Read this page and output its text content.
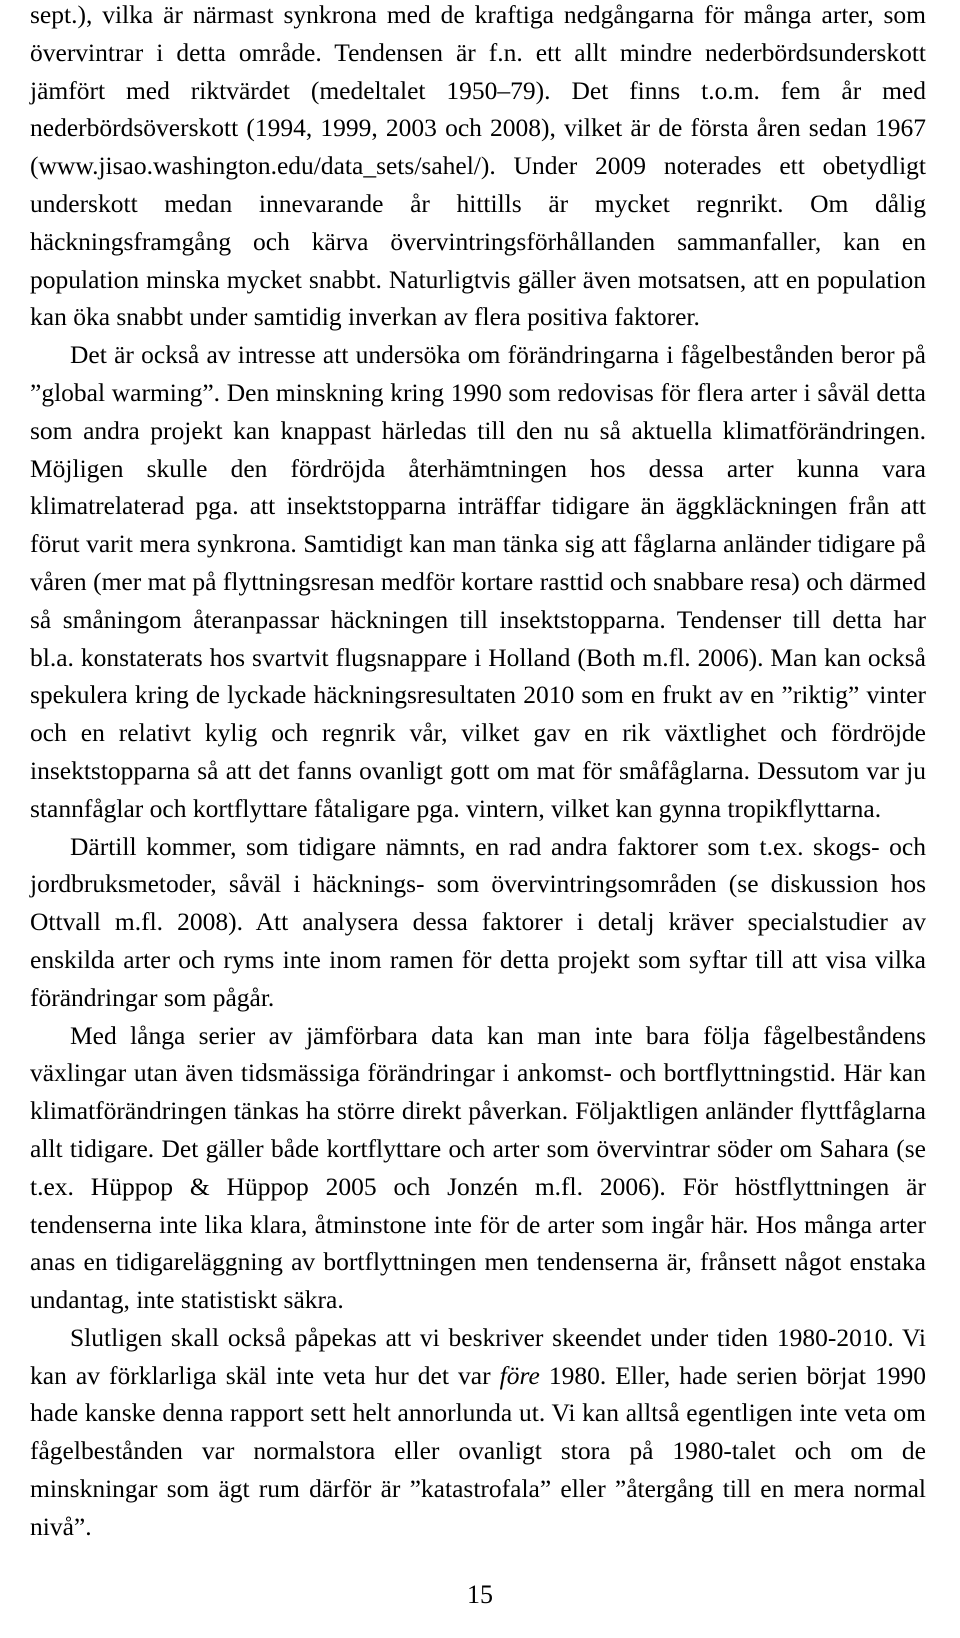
sept.), vilka är närmast synkrona med de kraftiga nedgångarna för många arter, som övervintrar i detta område. Tendensen är f.n. ett allt mindre nederbördsunderskott jämfört med riktvärdet (medeltalet 1950–79). Det finns t.o.m. fem år med nederbördsöverskott (1994, 1999, 2003 och 2008), vilket är de första åren sedan 1967 (www.jisao.washington.edu/data_sets/sahel/). Under 2009 noterades ett obetydligt underskott medan innevarande år hittills är mycket regnrikt. Om dålig häckningsframgång och kärva övervintringsförhållanden sammanfaller, kan en population minska mycket snabbt. Naturligtvis gäller även motsatsen, att en population kan öka snabbt under samtidig inverkan av flera positiva faktorer.

Det är också av intresse att undersöka om förändringarna i fågelbestånden beror på ”global warming”. Den minskning kring 1990 som redovisas för flera arter i såväl detta som andra projekt kan knappast härledas till den nu så aktuella klimatförändringen. Möjligen skulle den fördröjda återhämtningen hos dessa arter kunna vara klimatrelaterad pga. att insektstopparna inträffar tidigare än äggkläckningen från att förut varit mera synkrona. Samtidigt kan man tänka sig att fåglarna anländer tidigare på våren (mer mat på flyttningsresan medför kortare rasttid och snabbare resa) och därmed så småningom återanpassar häckningen till insektstopparna. Tendenser till detta har bl.a. konstaterats hos svartvit flugsnappare i Holland (Both m.fl. 2006). Man kan också spekulera kring de lyckade häckningsresultaten 2010 som en frukt av en ”riktig” vinter och en relativt kylig och regnrik vår, vilket gav en rik växtlighet och fördröjde insektstopparna så att det fanns ovanligt gott om mat för småfåglarna. Dessutom var ju stannfåglar och kortflyttare fåtaligare pga. vintern, vilket kan gynna tropikflyttarna.

Därtill kommer, som tidigare nämnts, en rad andra faktorer som t.ex. skogs- och jordbruksmetoder, såväl i häcknings- som övervintringsområden (se diskussion hos Ottvall m.fl. 2008). Att analysera dessa faktorer i detalj kräver specialstudier av enskilda arter och ryms inte inom ramen för detta projekt som syftar till att visa vilka förändringar som pågår.

Med långa serier av jämförbara data kan man inte bara följa fågelbeståndens växlingar utan även tidsmässiga förändringar i ankomst- och bortflyttningstid. Här kan klimatförändringen tänkas ha större direkt påverkan. Följaktligen anländer flyttfåglarna allt tidigare. Det gäller både kortflyttare och arter som övervintrar söder om Sahara (se t.ex. Hüppop & Hüppop 2005 och Jonzén m.fl. 2006). För höstflyttningen är tendenserna inte lika klara, åtminstone inte för de arter som ingår här. Hos många arter anas en tidigareläggning av bortflyttningen men tendenserna är, frånsett något enstaka undantag, inte statistiskt säkra.

Slutligen skall också påpekas att vi beskriver skeendet under tiden 1980-2010. Vi kan av förklarliga skäl inte veta hur det var före 1980. Eller, hade serien börjat 1990 hade kanske denna rapport sett helt annorlunda ut. Vi kan alltså egentligen inte veta om fågelbestånden var normalstora eller ovanligt stora på 1980-talet och om de minskningar som ägt rum därför är ”katastrofala” eller ”återgång till en mera normal nivå”.

15
